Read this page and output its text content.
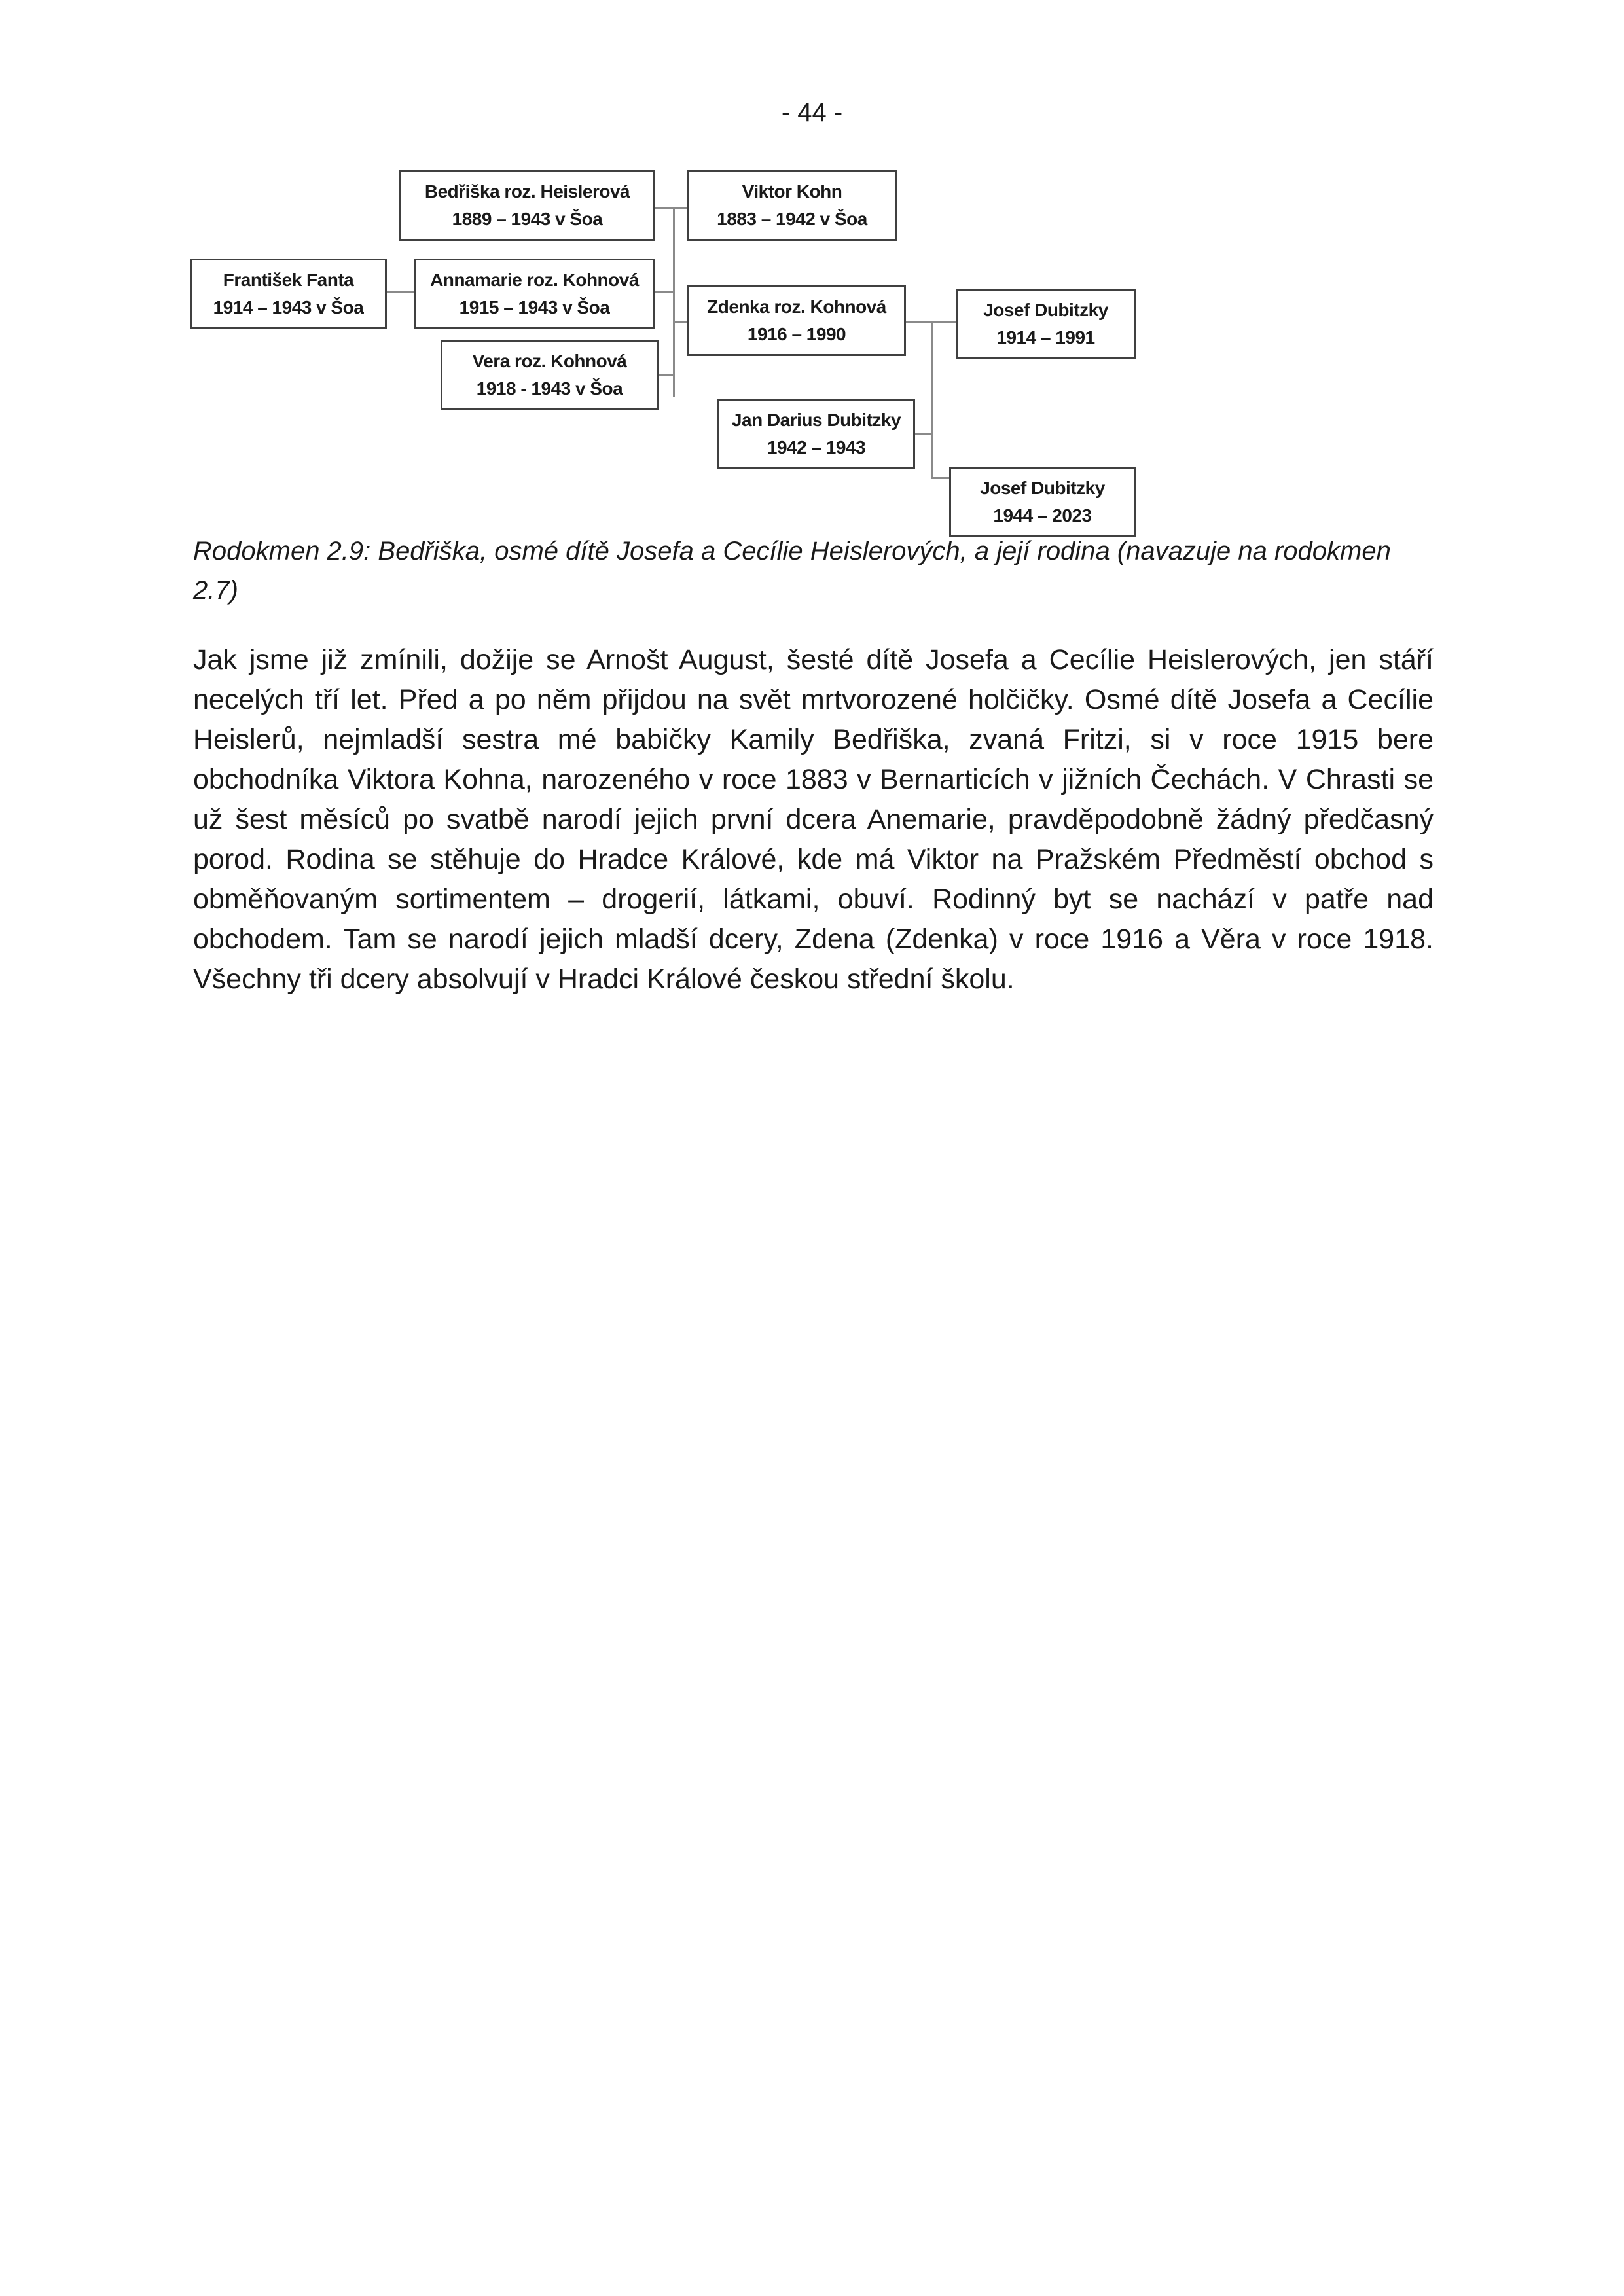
- 44 -
František Fanta
1914 – 1943 v Šoa
Bedřiška roz. Heislerová
1889 – 1943 v Šoa
Annamarie roz. Kohnová
1915 – 1943 v Šoa
Vera roz. Kohnová
1918 - 1943 v Šoa
Viktor Kohn
1883 – 1942 v Šoa
Zdenka roz. Kohnová
1916 – 1990
Jan Darius Dubitzky
1942 – 1943
Josef Dubitzky
1914 – 1991
Josef Dubitzky
1944 – 2023
Rodokmen 2.9: Bedřiška, osmé dítě Josefa a Cecílie Heislerových, a její rodina (navazuje na rodokmen 2.7)

Jak jsme již zmínili, dožije se Arnošt August, šesté dítě Josefa a Cecílie Heislerových, jen stáří necelých tří let. Před a po něm přijdou na svět mrtvorozené holčičky. Osmé dítě Josefa a Cecílie Heislerů, nejmladší sestra mé babičky Kamily Bedřiška, zvaná Fritzi, si v roce 1915 bere obchodníka Viktora Kohna, narozeného v roce 1883 v Bernarticích v jižních Čechách. V Chrasti se už šest měsíců po svatbě narodí jejich první dcera Anemarie, pravděpodobně žádný předčasný porod. Rodina se stěhuje do Hradce Králové, kde má Viktor na Pražském Předměstí obchod s obměňovaným sortimentem – drogerií, látkami, obuví. Rodinný byt se nachází v patře nad obchodem. Tam se narodí jejich mladší dcery, Zdena (Zdenka) v roce 1916 a Věra v roce 1918. Všechny tři dcery absolvují v Hradci Králové českou střední školu.
